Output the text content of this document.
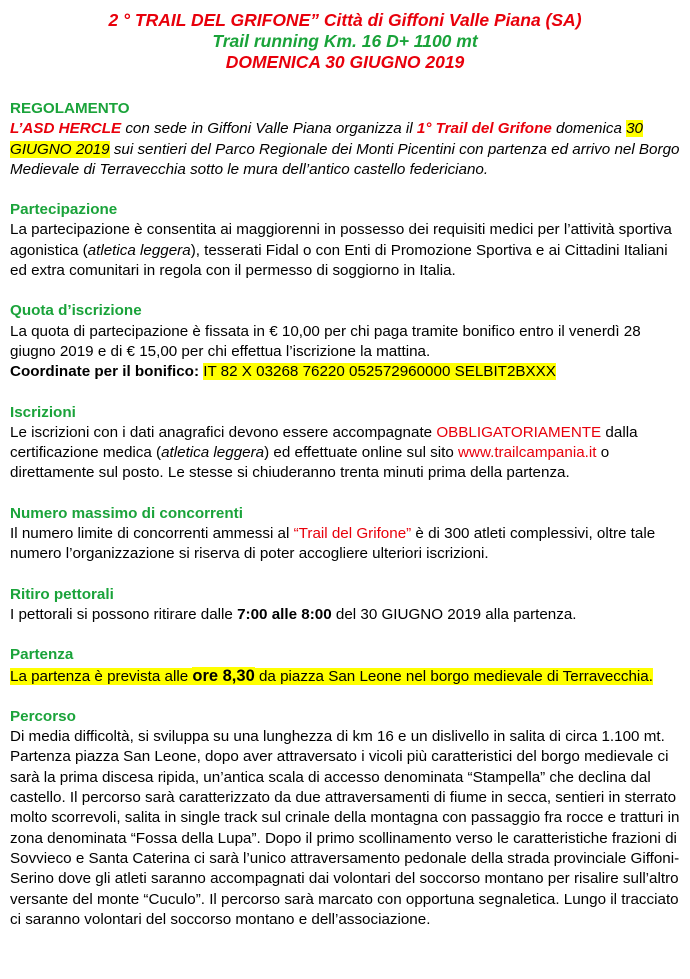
2 ° TRAIL DEL GRIFONE” Città di Giffoni Valle Piana (SA)
Trail running Km. 16 D+ 1100 mt
DOMENICA 30 GIUGNO 2019

REGOLAMENTO

L’ASD HERCLE con sede in Giffoni Valle Piana organizza il 1° Trail del Grifone domenica 30 GIUGNO 2019 sui sentieri del Parco Regionale dei Monti Picentini con partenza ed arrivo nel Borgo Medievale di Terravecchia sotto le mura dell’antico castello federiciano.

Partecipazione

La partecipazione è consentita ai maggiorenni in possesso dei requisiti medici per l’attività sportiva agonistica (atletica leggera), tesserati Fidal o con Enti di Promozione Sportiva e ai Cittadini Italiani ed extra comunitari in regola con il permesso di soggiorno in Italia.

Quota d’iscrizione

La quota di partecipazione è fissata in € 10,00 per chi paga tramite bonifico entro il venerdì 28 giugno 2019 e di € 15,00 per chi effettua l’iscrizione la mattina.

Coordinate per il bonifico: IT 82 X 03268 76220 052572960000 SELBIT2BXXX

Iscrizioni

Le iscrizioni con i dati anagrafici devono essere accompagnate OBBLIGATORIAMENTE dalla certificazione medica (atletica leggera) ed effettuate online sul sito www.trailcampania.it o direttamente sul posto. Le stesse si chiuderanno trenta minuti prima della partenza.

Numero massimo di concorrenti

Il numero limite di concorrenti ammessi al “Trail del Grifone” è di 300 atleti complessivi, oltre tale numero l’organizzazione si riserva di poter accogliere ulteriori iscrizioni.

Ritiro pettorali

I pettorali si possono ritirare dalle 7:00 alle 8:00 del 30 GIUGNO 2019 alla partenza.

Partenza

La partenza è prevista alle ore 8,30 da piazza San Leone nel borgo medievale di Terravecchia.

Percorso

Di media difficoltà, si sviluppa su una lunghezza di km 16 e un dislivello in salita di circa 1.100 mt. Partenza piazza San Leone, dopo aver attraversato i vicoli più caratteristici del borgo medievale ci sarà la prima discesa ripida, un’antica scala di accesso denominata “Stampella” che declina dal castello. Il percorso sarà caratterizzato da due attraversamenti di fiume in secca, sentieri in sterrato molto scorrevoli, salita in single track sul crinale della montagna con passaggio fra rocce e tratturi in zona denominata “Fossa della Lupa”. Dopo il primo scollinamento verso le caratteristiche frazioni di Sovvieco e Santa Caterina ci sarà l’unico attraversamento pedonale della strada provinciale Giffoni-Serino dove gli atleti saranno accompagnati dai volontari del soccorso montano per risalire sull’altro versante del monte “Cuculo”. Il percorso sarà marcato con opportuna segnaletica. Lungo il tracciato ci saranno volontari del soccorso montano e dell’associazione.
